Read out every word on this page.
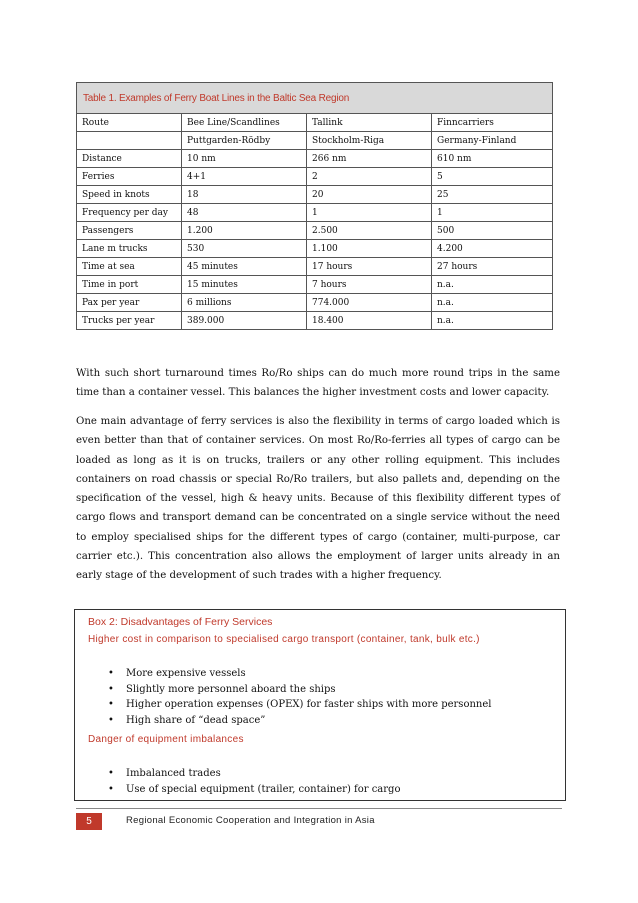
Table 1. Examples of Ferry Boat Lines in the Baltic Sea Region			
Route	Bee Line/Scandlines	Tallink	Finncarriers
	Puttgarden-Rödby	Stockholm-Riga	Germany-Finland
Distance	10 nm	266 nm	610 nm
Ferries	4+1	2	5
Speed in knots	18	20	25
Frequency per day	48	1	1
Passengers	1.200	2.500	500
Lane m trucks	530	1.100	4.200
Time at sea	45 minutes	17 hours	27 hours
Time in port	15 minutes	7 hours	n.a.
Pax per year	6 millions	774.000	n.a.
Trucks per year	389.000	18.400	n.a.

With such short turnaround times Ro/Ro ships can do much more round trips in the same time than a container vessel. This balances the higher investment costs and lower capacity.

One main advantage of ferry services is also the flexibility in terms of cargo loaded which is even better than that of container services. On most Ro/Ro-ferries all types of cargo can be loaded as long as it is on trucks, trailers or any other rolling equipment. This includes containers on road chassis or special Ro/Ro trailers, but also pallets and, depending on the specification of the vessel, high & heavy units. Because of this flexibility different types of cargo flows and transport demand can be concentrated on a single service without the need to employ specialised ships for the different types of cargo (container, multi-purpose, car carrier etc.). This concentration also allows the employment of larger units already in an early stage of the development of such trades with a higher frequency.

Box 2: Disadvantages of Ferry Services
Higher cost in comparison to specialised cargo transport (container, tank, bulk etc.)
• More expensive vessels
• Slightly more personnel aboard the ships
• Higher operation expenses (OPEX) for faster ships with more personnel
• High share of “dead space”
Danger of equipment imbalances
• Imbalanced trades
• Use of special equipment (trailer, container) for cargo
5	Regional Economic Cooperation and Integration in Asia
